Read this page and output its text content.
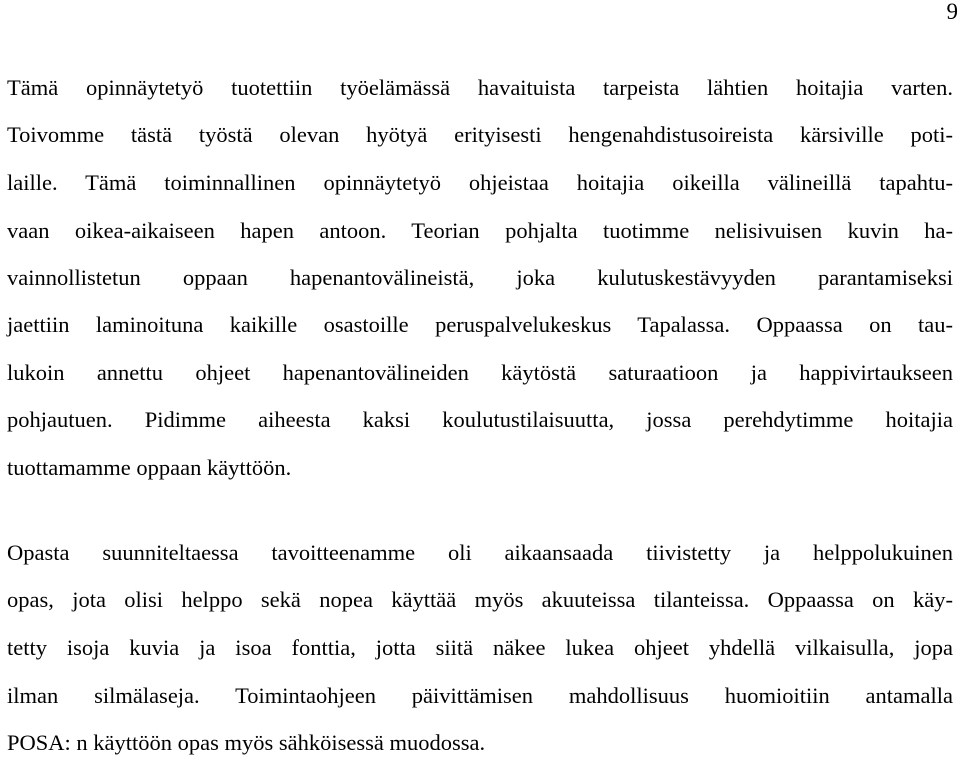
9
Tämä opinnäytetyö tuotettiin työelämässä havaituista tarpeista lähtien hoitajia varten.
Toivomme tästä työstä olevan hyötyä erityisesti hengenahdistusoireista kärsiville poti-
laille. Tämä toiminnallinen opinnäytetyö ohjeistaa hoitajia oikeilla välineillä tapahtu-
vaan oikea-aikaiseen hapen antoon. Teorian pohjalta tuotimme nelisivuisen kuvin ha-
vainnollistetun oppaan hapenantovälineistä, joka kulutuskestävyyden parantamiseksi
jaettiin laminoituna kaikille osastoille peruspalvelukeskus Tapalassa. Oppaassa on tau-
lukoin annettu ohjeet hapenantovälineiden käytöstä saturaatioon ja happivirtaukseen
pohjautuen. Pidimme aiheesta kaksi koulutustilaisuutta, jossa perehdytimme hoitajia
tuottamamme oppaan käyttöön.
Opasta suunniteltaessa tavoitteenamme oli aikaansaada tiivistetty ja helppolukuinen
opas, jota olisi helppo sekä nopea käyttää myös akuuteissa tilanteissa. Oppaassa on käy-
tetty isoja kuvia ja isoa fonttia, jotta siitä näkee lukea ohjeet yhdellä vilkaisulla, jopa
ilman silmälaseja. Toimintaohjeen päivittämisen mahdollisuus huomioitiin antamalla
POSA: n käyttöön opas myös sähköisessä muodossa.
